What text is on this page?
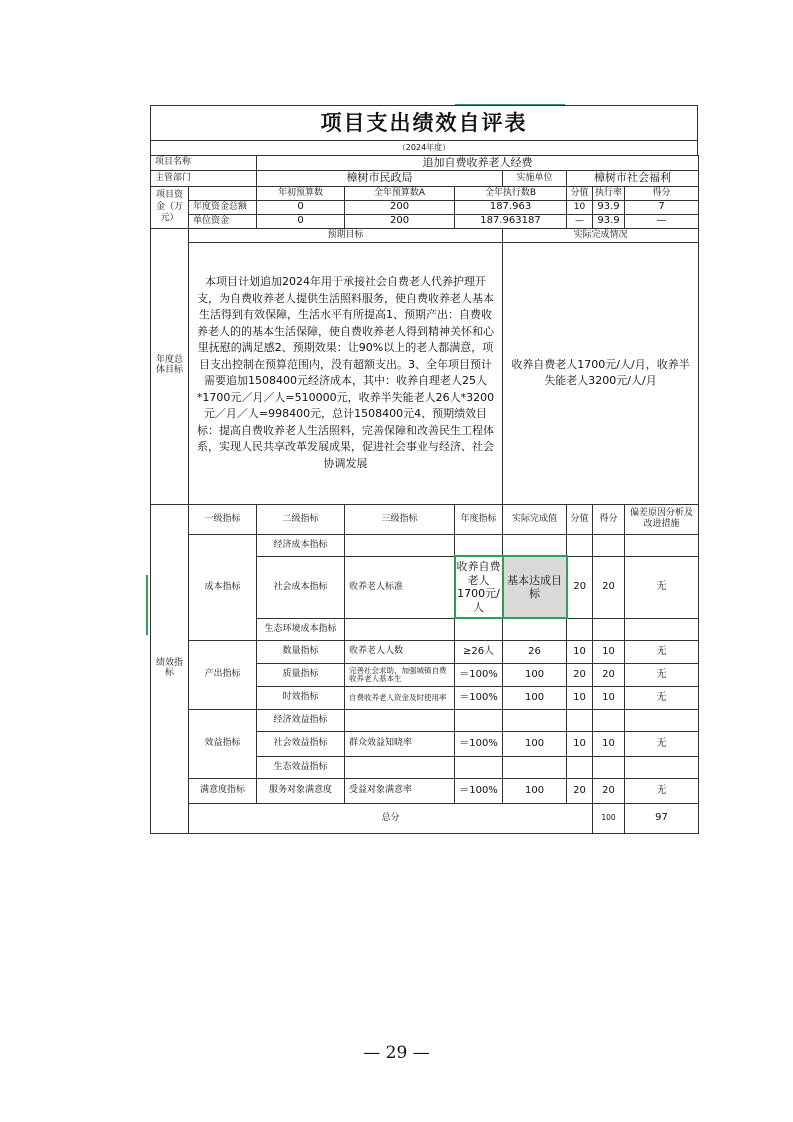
项目支出绩效自评表
（2024年度）
项目名称		追加自费收养老人经费							
主管部门		樟树市民政局			实施单位	樟树市社会福利			
项目资金（万元）		年初预算数	全年预算数A	全年执行数B		分值	执行率	得分	
	年度资金总额	0	200	187.963		10	93.9	7	
	单位资金	0	200	187.963187		—	93.9	—	
年度总体目标	预期目标				实际完成情况				
	本项目计划追加2024年用于承接社会自费老人代养护理开支，为自费收养老人提供生活照料服务，使自费收养老人基本生活得到有效保障，生活水平有所提高1、预期产出：自费收养老人的的基本生活保障，使自费收养老人得到精神关怀和心里抚慰的满足感2、预期效果：让90%以上的老人都满意，项目支出控制在预算范围内，没有超额支出。3、全年项目预计需要追加1508400元经济成本，其中：收养自理老人25人*1700元／月／人=510000元，收养半失能老人26人*3200元／月／人=998400元，总计1508400元4、预期绩效目标：提高自费收养老人生活照料，完善保障和改善民生工程体系，实现人民共享改革发展成果，促进社会事业与经济、社会协调发展				收养自费老人1700元/人/月，收养半失能老人3200元/人/月				
绩效指标	一级指标	二级指标	三级指标	年度指标	实际完成值	分值	得分	偏差原因分析及改进措施	
	成本指标	经济成本指标							
		社会成本指标	收养老人标准	收养自费老人1700元/人	基本达成目标	20	20	无	
		生态环境成本指标							
	产出指标	数量指标	收养老人人数	≥26人	26	10	10	无	
		质量指标	完善社会求助，加强城镇自费收养老人基本生	＝100%	100	20	20	无	
		时效指标	自费收养老人资金及时使用率	＝100%	100	10	10	无	
	效益指标	经济效益指标							
		社会效益指标	群众效益知晓率	＝100%	100	10	10	无	
		生态效益指标							
	满意度指标	服务对象满意度	受益对象满意率	＝100%	100	20	20	无	
	总分						100	97	
— 29 —
